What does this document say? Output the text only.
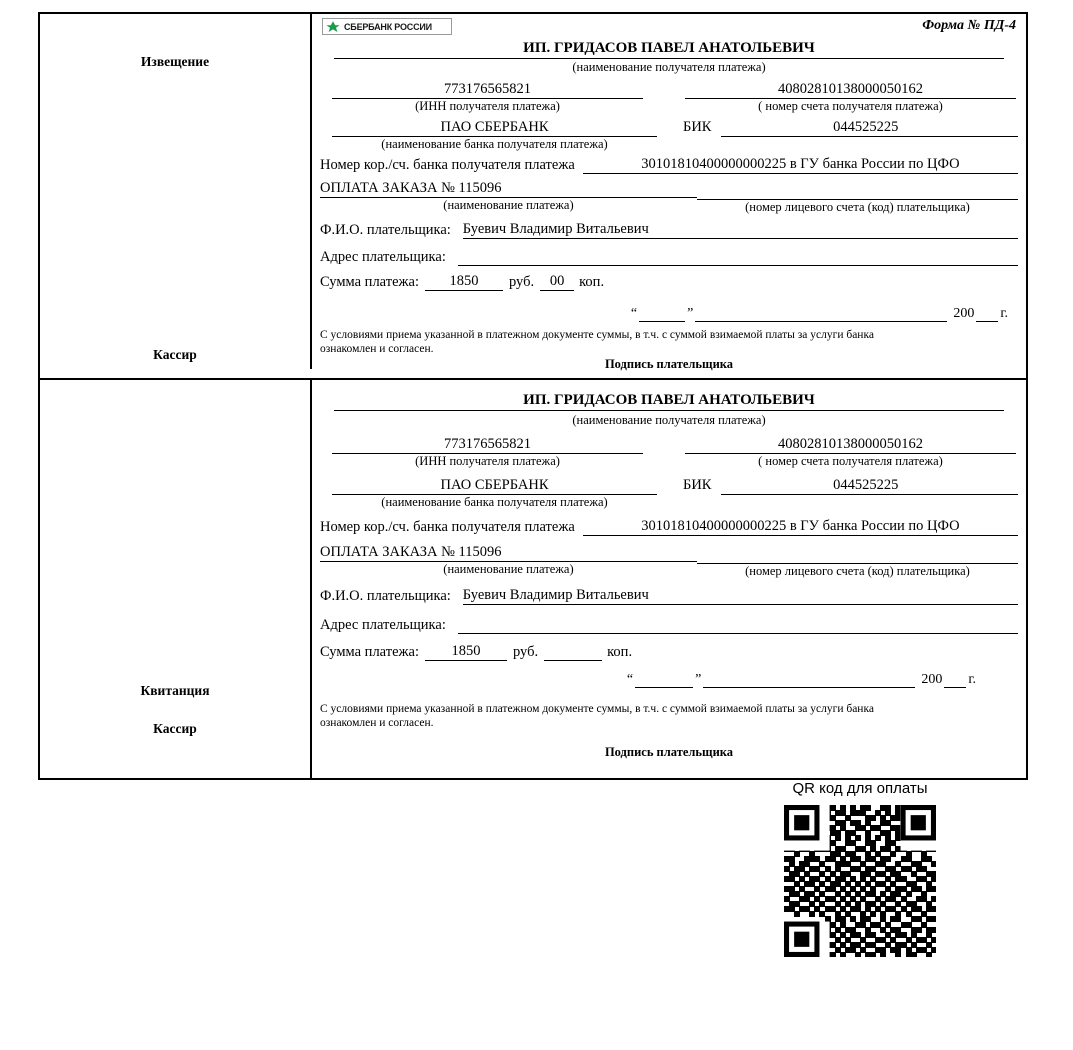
Извещение
Кассир
СБЕРБАНК РОССИИ	Форма № ПД-4
ИП. ГРИДАСОВ ПАВЕЛ АНАТОЛЬЕВИЧ
(наименование получателя платежа)
773176565821
(ИНН получателя платежа)
40802810138000050162
( номер счета получателя платежа)
ПАО СБЕРБАНК
(наименование банка получателя платежа)
БИК	044525225
Номер кор./сч. банка получателя платежа	30101810400000000225 в ГУ банка России по ЦФО
ОПЛАТА ЗАКАЗА № 115096
(наименование платежа)
	(номер лицевого счета (код) плательщика)
Ф.И.О. плательщика: Буевич Владимир Витальевич
Адрес плательщика:
Сумма платежа:	1850	руб.	00	коп.
“
	”
	200
г.
С условиями приема указанной в платежном документе суммы, в т.ч. с суммой взимаемой платы за услуги банка
ознакомлен и согласен.
Подпись плательщика
Квитанция
Кассир
ИП. ГРИДАСОВ ПАВЕЛ АНАТОЛЬЕВИЧ
(наименование получателя платежа)
773176565821
(ИНН получателя платежа)
40802810138000050162
( номер счета получателя платежа)
ПАО СБЕРБАНК
(наименование банка получателя платежа)
БИК	044525225
Номер кор./сч. банка получателя платежа	30101810400000000225 в ГУ банка России по ЦФО
ОПЛАТА ЗАКАЗА № 115096
(наименование платежа)
	(номер лицевого счета (код) плательщика)
Ф.И.О. плательщика: Буевич Владимир Витальевич
Адрес плательщика:
Сумма платежа:	1850	руб.
	коп.
“
	”
	200
г.
С условиями приема указанной в платежном документе суммы, в т.ч. с суммой взимаемой платы за услуги банка
ознакомлен и согласен.
Подпись плательщика
QR код для оплаты
